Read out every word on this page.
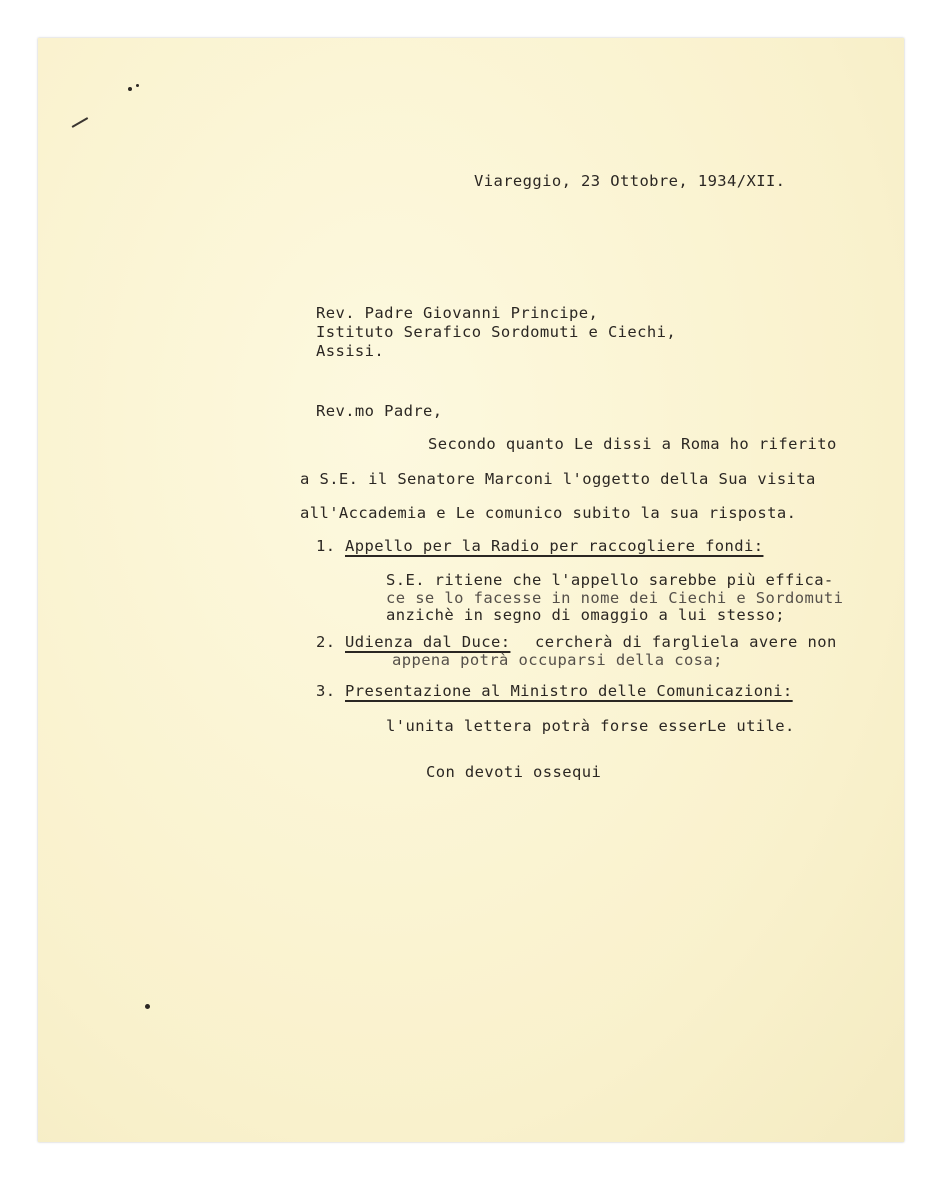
Viareggio, 23 Ottobre, 1934/XII.
Rev. Padre Giovanni Principe,
Istituto Serafico Sordomuti e Ciechi,
Assisi.
Rev.mo Padre,
Secondo quanto Le dissi a Roma ho riferito
a S.E. il Senatore Marconi l'oggetto della Sua visita
all'Accademia e Le comunico subito la sua risposta.
1. Appello per la Radio per raccogliere fondi:
S.E. ritiene che l'appello sarebbe più effica-
ce se lo facesse in nome dei Ciechi e Sordomuti
anzichè in segno di omaggio a lui stesso;
2. Udienza dal Duce: cercherà di fargliela avere non
appena potrà occuparsi della cosa;
3. Presentazione al Ministro delle Comunicazioni:
l'unita lettera potrà forse esserLe utile.
Con devoti ossequi
